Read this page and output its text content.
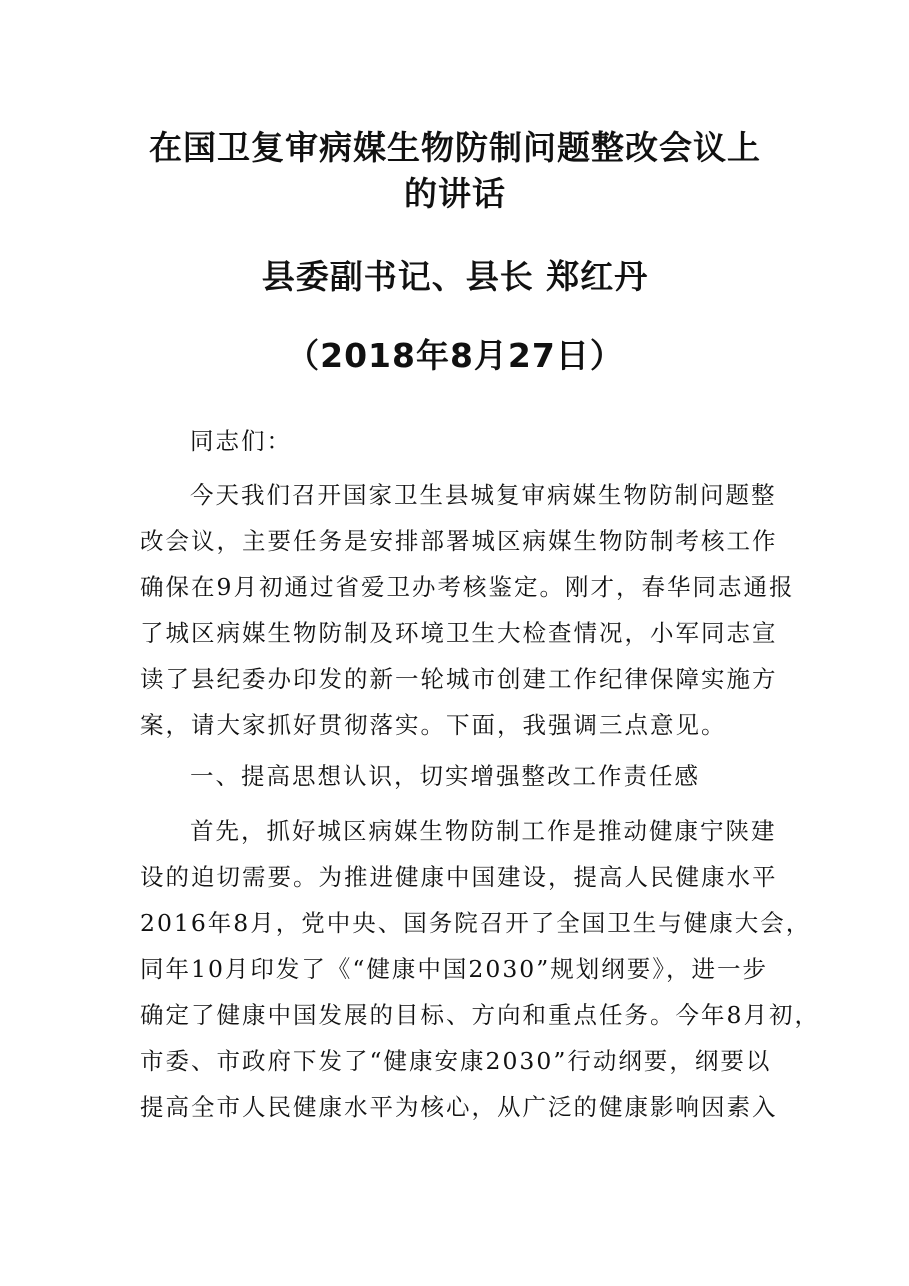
在国卫复审病媒生物防制问题整改会议上
的讲话
县委副书记、县长 郑红丹
（2018年8月27日）
同志们：
今天我们召开国家卫生县城复审病媒生物防制问题整
改会议，主要任务是安排部署城区病媒生物防制考核工作
确保在9月初通过省爱卫办考核鉴定。刚才，春华同志通报
了城区病媒生物防制及环境卫生大检查情况，小军同志宣
读了县纪委办印发的新一轮城市创建工作纪律保障实施方
案，请大家抓好贯彻落实。下面，我强调三点意见。
一、提高思想认识，切实增强整改工作责任感
首先，抓好城区病媒生物防制工作是推动健康宁陕建
设的迫切需要。为推进健康中国建设，提高人民健康水平
2016年8月，党中央、国务院召开了全国卫生与健康大会，
同年10月印发了《“健康中国2030”规划纲要》，进一步
确定了健康中国发展的目标、方向和重点任务。今年8月初，
市委、市政府下发了“健康安康2030”行动纲要，纲要以
提高全市人民健康水平为核心，从广泛的健康影响因素入
